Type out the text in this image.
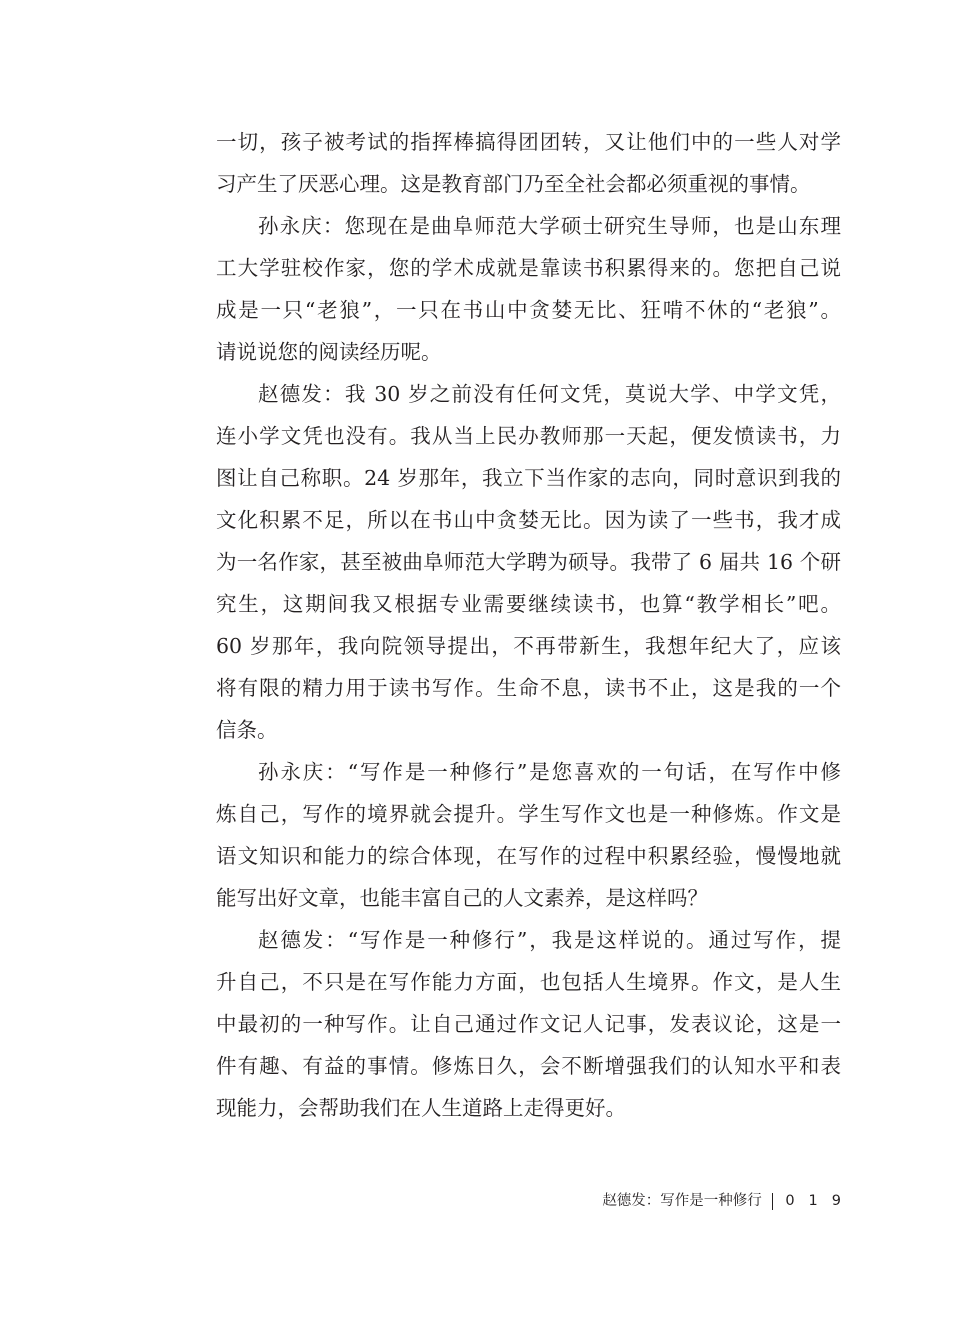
一切，孩子被考试的指挥棒搞得团团转，又让他们中的一些人对学
习产生了厌恶心理。这是教育部门乃至全社会都必须重视的事情。
孙永庆：您现在是曲阜师范大学硕士研究生导师，也是山东理
工大学驻校作家，您的学术成就是靠读书积累得来的。您把自己说
成是一只“老狼”，一只在书山中贪婪无比、狂啃不休的“老狼”。
请说说您的阅读经历呢。
赵德发：我 30 岁之前没有任何文凭，莫说大学、中学文凭，
连小学文凭也没有。我从当上民办教师那一天起，便发愤读书，力
图让自己称职。24 岁那年，我立下当作家的志向，同时意识到我的
文化积累不足，所以在书山中贪婪无比。因为读了一些书，我才成
为一名作家，甚至被曲阜师范大学聘为硕导。我带了 6 届共 16 个研
究生，这期间我又根据专业需要继续读书，也算“教学相长”吧。
60 岁那年，我向院领导提出，不再带新生，我想年纪大了，应该
将有限的精力用于读书写作。生命不息，读书不止，这是我的一个
信条。
孙永庆：“写作是一种修行”是您喜欢的一句话，在写作中修
炼自己，写作的境界就会提升。学生写作文也是一种修炼。作文是
语文知识和能力的综合体现，在写作的过程中积累经验，慢慢地就
能写出好文章，也能丰富自己的人文素养，是这样吗？
赵德发：“写作是一种修行”，我是这样说的。通过写作，提
升自己，不只是在写作能力方面，也包括人生境界。作文，是人生
中最初的一种写作。让自己通过作文记人记事，发表议论，这是一
件有趣、有益的事情。修炼日久，会不断增强我们的认知水平和表
现能力，会帮助我们在人生道路上走得更好。
赵德发：写作是一种修行 019
